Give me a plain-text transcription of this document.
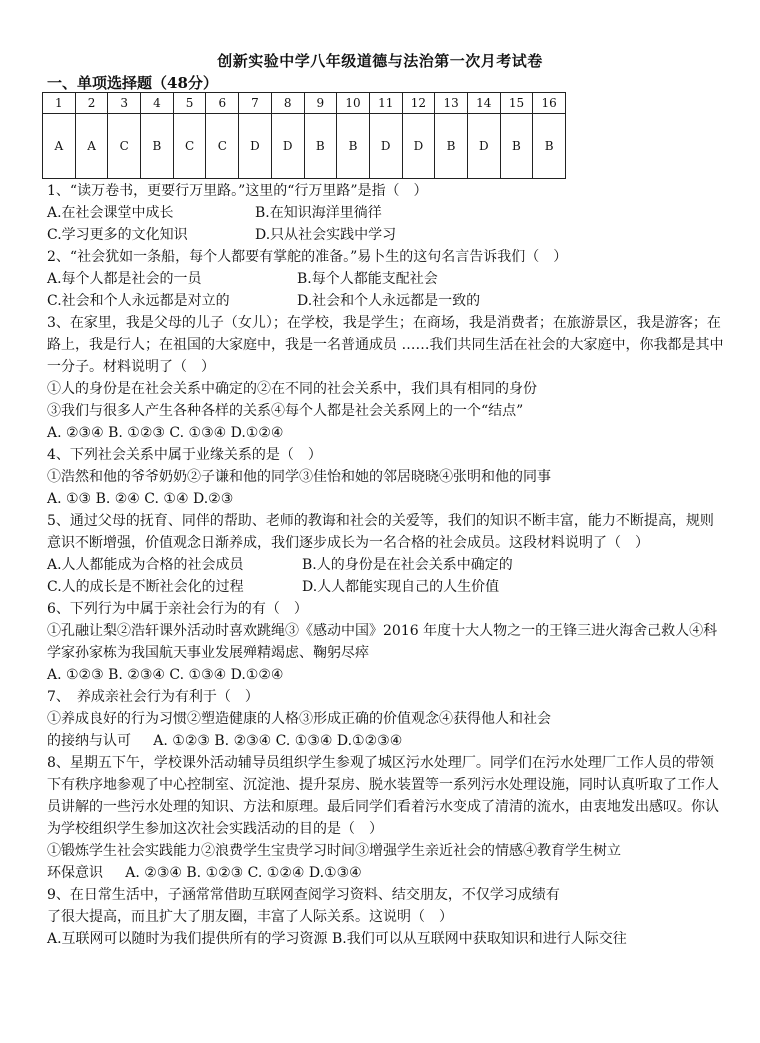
创新实验中学八年级道德与法治第一次月考试卷
一、单项选择题（48分）
1	2	3	4	5	6	7	8	9	10	11	12	13	14	15	16
A	A	C	B	C	C	D	D	B	B	D	D	B	D	B	B
1、“读万卷书，更要行万里路。”这里的“行万里路”是指（　）
A.在社会课堂中成长	B.在知识海洋里徜徉
C.学习更多的文化知识	D.只从社会实践中学习
2、“社会犹如一条船，每个人都要有掌舵的准备。”易卜生的这句名言告诉我们（　）
A.每个人都是社会的一员	B.每个人都能支配社会
C.社会和个人永远都是对立的	D.社会和个人永远都是一致的
3、在家里，我是父母的儿子（女儿）；在学校，我是学生；在商场，我是消费者；在旅游景区，我是游客；在路上，我是行人；在祖国的大家庭中，我是一名普通成员 ……我们共同生活在社会的大家庭中，你我都是其中一分子。材料说明了（　）
①人的身份是在社会关系中确定的②在不同的社会关系中，我们具有相同的身份
③我们与很多人产生各种各样的关系④每个人都是社会关系网上的一个“结点”
A. ②③④ B. ①②③ C. ①③④ D.①②④
4、下列社会关系中属于业缘关系的是（　）
①浩然和他的爷爷奶奶②子谦和他的同学③佳怡和她的邻居晓晓④张明和他的同事
A. ①③ B. ②④ C. ①④ D.②③
5、通过父母的抚育、同伴的帮助、老师的教诲和社会的关爱等，我们的知识不断丰富，能力不断提高，规则意识不断增强，价值观念日渐养成，我们逐步成长为一名合格的社会成员。这段材料说明了（　）
A.人人都能成为合格的社会成员	B.人的身份是在社会关系中确定的
C.人的成长是不断社会化的过程	D.人人都能实现自己的人生价值
6、下列行为中属于亲社会行为的有（　）
①孔融让梨②浩轩课外活动时喜欢跳绳③《感动中国》2016 年度十大人物之一的王锋三进火海舍己救人④科学家孙家栋为我国航天事业发展殚精竭虑、鞠躬尽瘁
A. ①②③ B. ②③④ C. ①③④ D.①②④
7、　养成亲社会行为有利于（　）
①养成良好的行为习惯②塑造健康的人格③形成正确的价值观念④获得他人和社会
的接纳与认可 A. ①②③ B. ②③④ C. ①③④ D.①②③④
8、星期五下午，学校课外活动辅导员组织学生参观了城区污水处理厂。同学们在污水处理厂工作人员的带领下有秩序地参观了中心控制室、沉淀池、提升泵房、脱水装置等一系列污水处理设施，同时认真听取了工作人员讲解的一些污水处理的知识、方法和原理。最后同学们看着污水变成了清清的流水，由衷地发出感叹。你认为学校组织学生参加这次社会实践活动的目的是（　）
①锻炼学生社会实践能力②浪费学生宝贵学习时间③增强学生亲近社会的情感④教育学生树立
环保意识 A. ②③④ B. ①②③ C. ①②④ D.①③④
9、在日常生活中，子涵常常借助互联网查阅学习资料、结交朋友，不仅学习成绩有
了很大提高，而且扩大了朋友圈，丰富了人际关系。这说明（　）
A.互联网可以随时为我们提供所有的学习资源 B.我们可以从互联网中获取知识和进行人际交往
